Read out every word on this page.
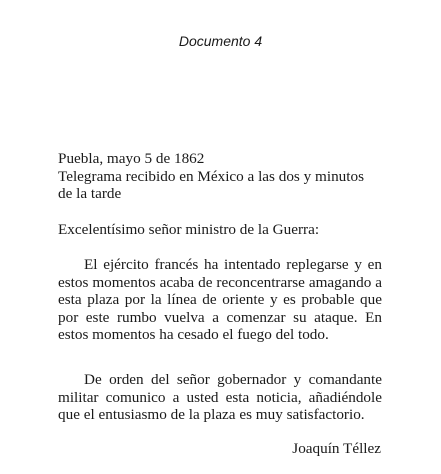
Documento 4
Puebla, mayo 5 de 1862
Telegrama recibido en México a las dos y minutos de la tarde
Excelentísimo señor ministro de la Guerra:

El ejército francés ha intentado replegarse y en estos momentos acaba de reconcentrarse amagando a esta plaza por la línea de oriente y es probable que por este rumbo vuelva a comenzar su ataque. En estos momentos ha cesado el fuego del todo.

De orden del señor gobernador y comandante militar comunico a usted esta noticia, añadiéndole que el entusiasmo de la plaza es muy satisfactorio.

Joaquín Téllez
